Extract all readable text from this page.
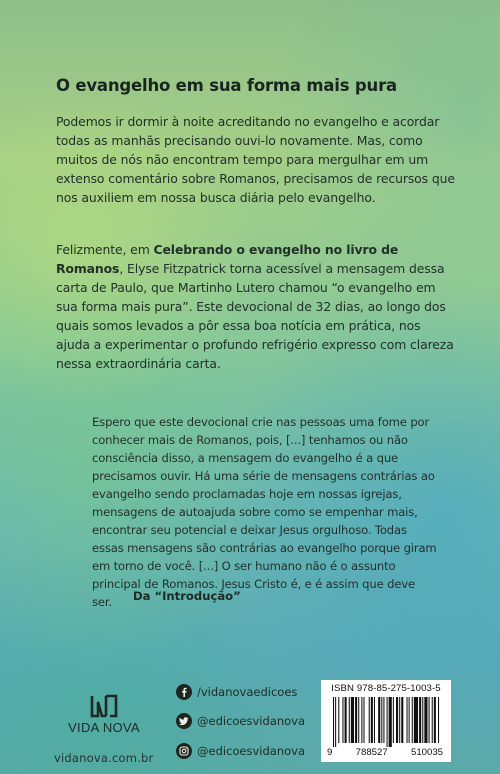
O evangelho em sua forma mais pura

Podemos ir dormir à noite acreditando no evangelho e acordar todas as manhãs precisando ouvi-lo novamente. Mas, como muitos de nós não encontram tempo para mergulhar em um extenso comentário sobre Romanos, precisamos de recursos que nos auxiliem em nossa busca diária pelo evangelho.

Felizmente, em Celebrando o evangelho no livro de Romanos, Elyse Fitzpatrick torna acessível a mensagem dessa carta de Paulo, que Martinho Lutero chamou “o evangelho em sua forma mais pura”. Este devocional de 32 dias, ao longo dos quais somos levados a pôr essa boa notícia em prática, nos ajuda a experimentar o profundo refrigério expresso com clareza nessa extraordinária carta.

Espero que este devocional crie nas pessoas uma fome por conhecer mais de Romanos, pois, [...] tenhamos ou não consciência disso, a mensagem do evangelho é a que precisamos ouvir. Há uma série de mensagens contrárias ao evangelho sendo proclamadas hoje em nossas igrejas, mensagens de autoajuda sobre como se empenhar mais, encontrar seu potencial e deixar Jesus orgulhoso. Todas essas mensagens são contrárias ao evangelho porque giram em torno de você. [...] O ser humano não é o assunto principal de Romanos. Jesus Cristo é, e é assim que deve ser.	Da “Introdução”
VIDA NOVA
vidanova.com.br
/vidanovaedicoes
@edicoesvidanova
@edicoesvidanova
ISBN 978-85-275-1003-5
9 788527 510035
